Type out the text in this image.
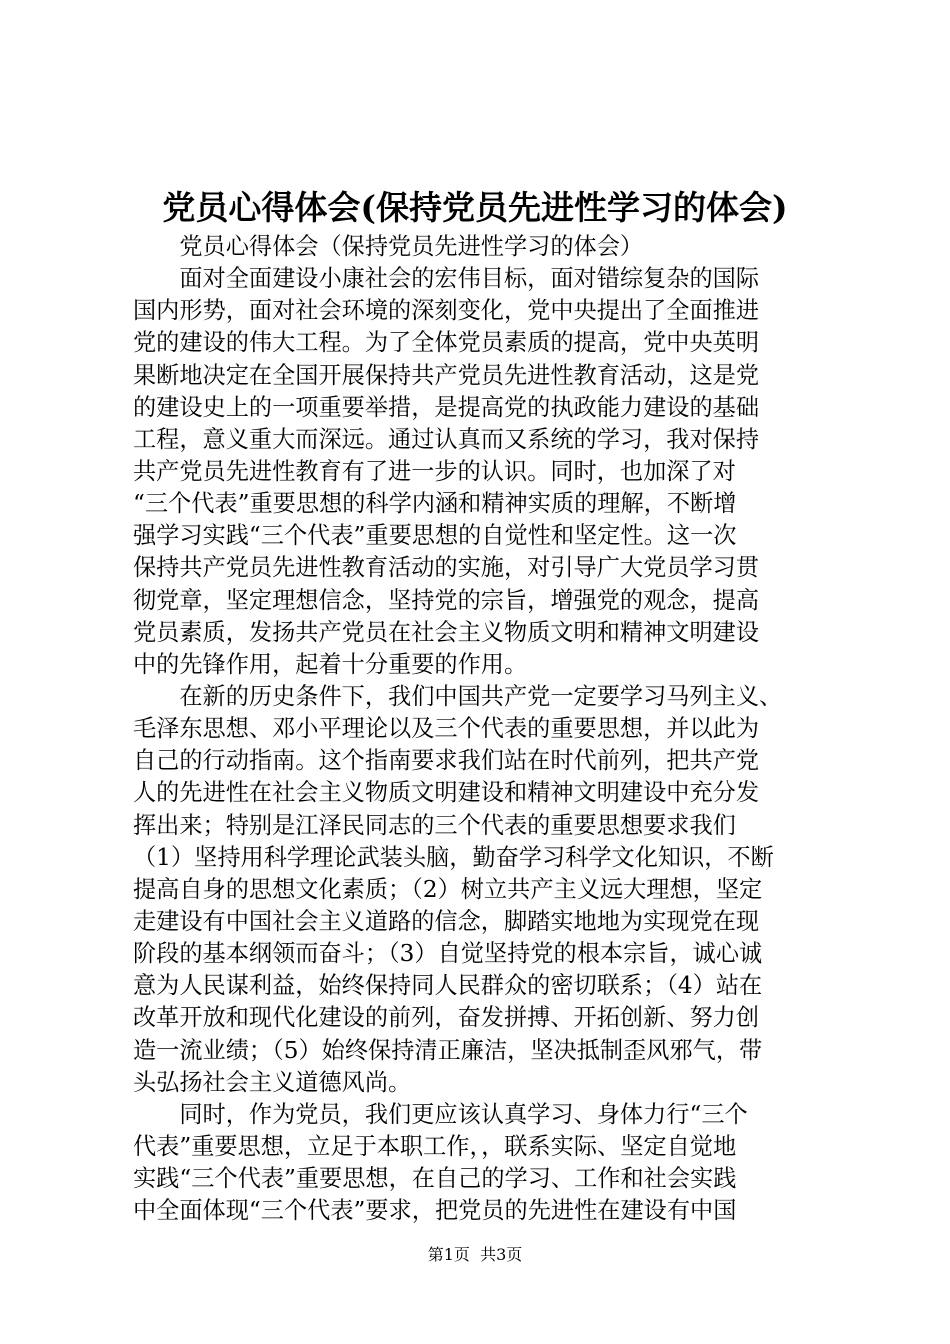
党员心得体会(保持党员先进性学习的体会)
　　党员心得体会（保持党员先进性学习的体会）
　　面对全面建设小康社会的宏伟目标，面对错综复杂的国际
国内形势，面对社会环境的深刻变化，党中央提出了全面推进
党的建设的伟大工程。为了全体党员素质的提高，党中央英明
果断地决定在全国开展保持共产党员先进性教育活动，这是党
的建设史上的一项重要举措，是提高党的执政能力建设的基础
工程，意义重大而深远。通过认真而又系统的学习，我对保持
共产党员先进性教育有了进一步的认识。同时，也加深了对
“三个代表”重要思想的科学内涵和精神实质的理解，不断增
强学习实践“三个代表”重要思想的自觉性和坚定性。这一次
保持共产党员先进性教育活动的实施，对引导广大党员学习贯
彻党章，坚定理想信念，坚持党的宗旨，增强党的观念，提高
党员素质，发扬共产党员在社会主义物质文明和精神文明建设
中的先锋作用，起着十分重要的作用。
　　在新的历史条件下，我们中国共产党一定要学习马列主义、
毛泽东思想、邓小平理论以及三个代表的重要思想，并以此为
自己的行动指南。这个指南要求我们站在时代前列，把共产党
人的先进性在社会主义物质文明建设和精神文明建设中充分发
挥出来；特别是江泽民同志的三个代表的重要思想要求我们
（1）坚持用科学理论武装头脑，勤奋学习科学文化知识，不断
提高自身的思想文化素质；（2）树立共产主义远大理想，坚定
走建设有中国社会主义道路的信念，脚踏实地地为实现党在现
阶段的基本纲领而奋斗；（3）自觉坚持党的根本宗旨，诚心诚
意为人民谋利益，始终保持同人民群众的密切联系；（4）站在
改革开放和现代化建设的前列，奋发拼搏、开拓创新、努力创
造一流业绩；（5）始终保持清正廉洁，坚决抵制歪风邪气，带
头弘扬社会主义道德风尚。
　　同时，作为党员，我们更应该认真学习、身体力行“三个
代表”重要思想，立足于本职工作，，联系实际、坚定自觉地
实践“三个代表”重要思想，在自己的学习、工作和社会实践
中全面体现“三个代表”要求，把党员的先进性在建设有中国
第1页  共3页
